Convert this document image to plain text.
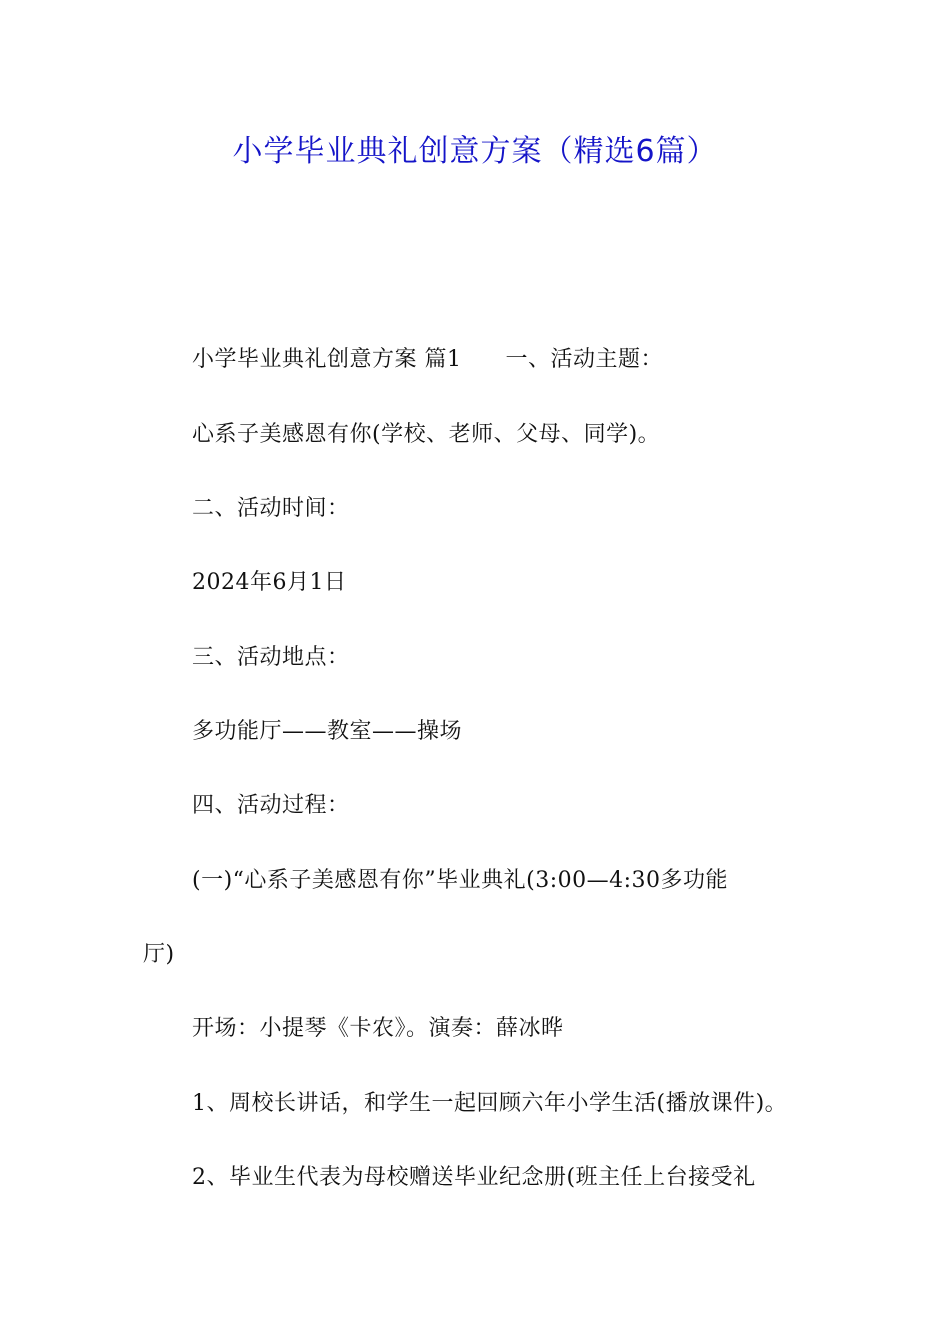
小学毕业典礼创意方案（精选6篇）
小学毕业典礼创意方案 篇1 一、活动主题：
心系子美感恩有你(学校、老师、父母、同学)。
二、活动时间：
2024年6月1日
三、活动地点：
多功能厅——教室——操场
四、活动过程：
(一)“心系子美感恩有你”毕业典礼(3:00—4:30多功能
厅)
开场：小提琴《卡农》。演奏：薛冰晔
1、周校长讲话，和学生一起回顾六年小学生活(播放课件)。
2、毕业生代表为母校赠送毕业纪念册(班主任上台接受礼
